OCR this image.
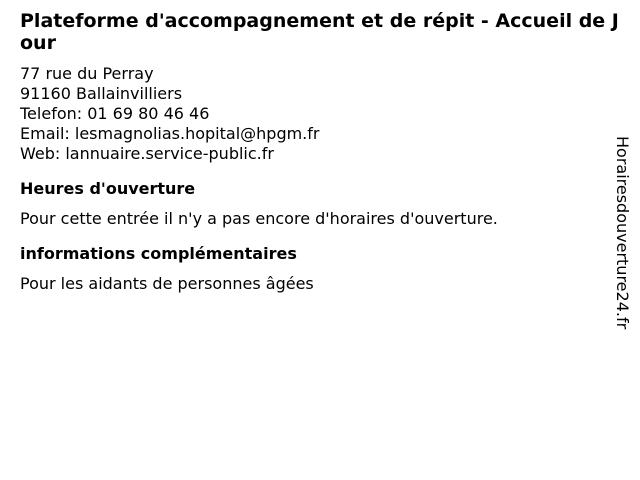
Plateforme d'accompagnement et de répit - Accueil de Jour
77 rue du Perray
91160 Ballainvilliers
Telefon: 01 69 80 46 46
Email: lesmagnolias.hopital@hpgm.fr
Web: lannuaire.service-public.fr
Heures d'ouverture

Pour cette entrée il n'y a pas encore d'horaires d'ouverture.

informations complémentaires

Pour les aidants de personnes âgées	Horairesdouverture24.fr
